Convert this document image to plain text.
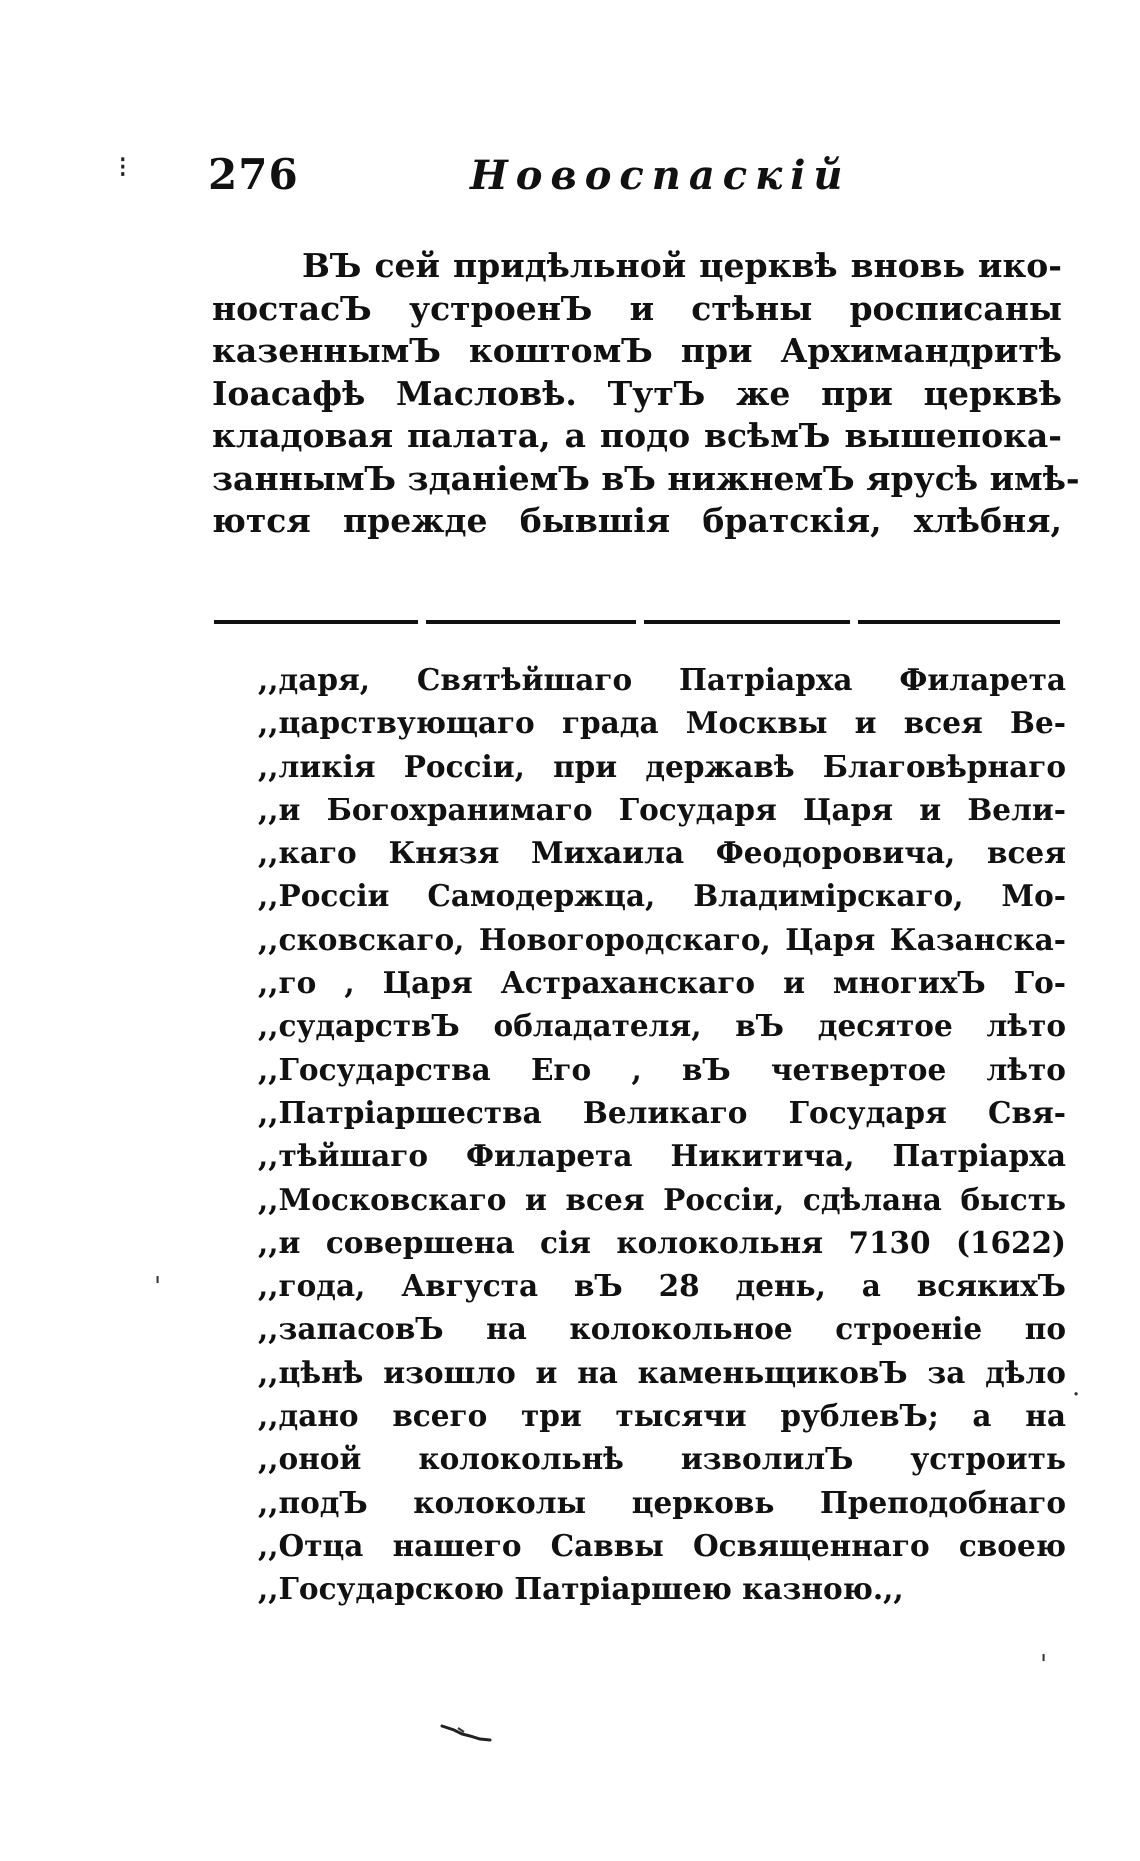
⁝ 276	Новоспаскій
ВЪ сей придѣльной церквѣ вновь ико-
ностасЪ устроенЪ и стѣны росписаны
казеннымЪ коштомЪ при Архимандритѣ
Іоасафѣ Масловѣ. ТутЪ же при церквѣ
кладовая палата, а подо всѣмЪ вышепока-
заннымЪ зданіемЪ вЪ нижнемЪ ярусѣ имѣ-
ются прежде бывшія братскія, хлѣбня,
,,даря, Святѣйшаго Патріарха Филарета
,,царствующаго града Москвы и всея Ве-
,,ликія Россіи, при державѣ Благовѣрнаго
,,и Богохранимаго Государя Царя и Вели-
,,каго Князя Михаила Феодоровича, всея
,,Россіи Самодержца, Владимірскаго, Мо-
,,сковскаго, Новогородскаго, Царя Казанска-
,,го , Царя Астраханскаго и многихЪ Го-
,,сударствЪ обладателя, вЪ десятое лѣто
,,Государства Его , вЪ четвертое лѣто
,,Патріаршества Великаго Государя Свя-
,,тѣйшаго Филарета Никитича, Патріарха
,,Московскаго и всея Россіи, сдѣлана бысть
,,и совершена сія колокольня 7130 (1622)
,,года, Августа вЪ 28 день, а всякихЪ
,,запасовЪ на колокольное строеніе по
,,цѣнѣ изошло и на каменьщиковЪ за дѣло
,,дано всего три тысячи рублевЪ; а на
,,оной колокольнѣ изволилЪ устроить
,,подЪ колоколы церковь Преподобнаго
,,Отца нашего Саввы Освященнаго своею
,,Государскою Патріаршею казною.,,
'
'
·
